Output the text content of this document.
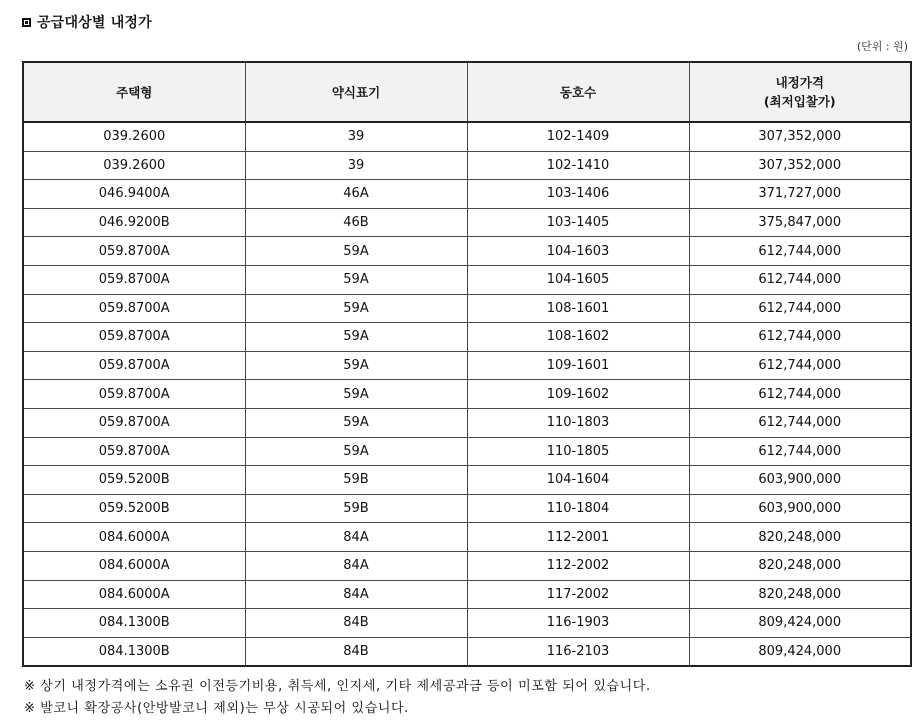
공급대상별 내정가
(단위 : 원)
주택형	약식표기	동호수	내정가격
(최저입찰가)
039.2600	39	102-1409	307,352,000
039.2600	39	102-1410	307,352,000
046.9400A	46A	103-1406	371,727,000
046.9200B	46B	103-1405	375,847,000
059.8700A	59A	104-1603	612,744,000
059.8700A	59A	104-1605	612,744,000
059.8700A	59A	108-1601	612,744,000
059.8700A	59A	108-1602	612,744,000
059.8700A	59A	109-1601	612,744,000
059.8700A	59A	109-1602	612,744,000
059.8700A	59A	110-1803	612,744,000
059.8700A	59A	110-1805	612,744,000
059.5200B	59B	104-1604	603,900,000
059.5200B	59B	110-1804	603,900,000
084.6000A	84A	112-2001	820,248,000
084.6000A	84A	112-2002	820,248,000
084.6000A	84A	117-2002	820,248,000
084.1300B	84B	116-1903	809,424,000
084.1300B	84B	116-2103	809,424,000
※ 상기 내정가격에는 소유권 이전등기비용, 취득세, 인지세, 기타 제세공과금 등이 미포함 되어 있습니다.
※ 발코니 확장공사(안방발코니 제외)는 무상 시공되어 있습니다.
